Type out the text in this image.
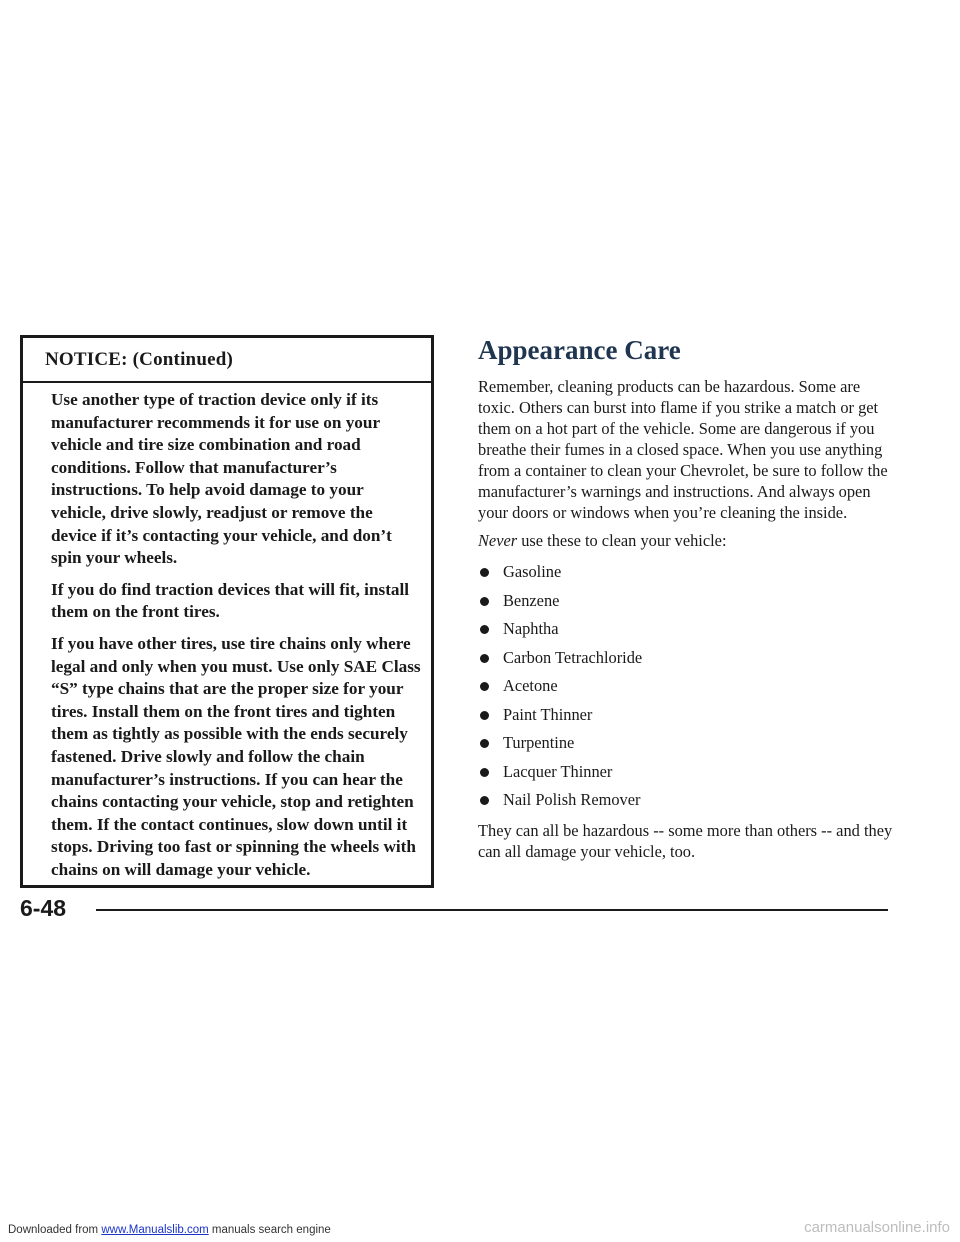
NOTICE: (Continued)

Use another type of traction device only if its manufacturer recommends it for use on your vehicle and tire size combination and road conditions. Follow that manufacturer’s instructions. To help avoid damage to your vehicle, drive slowly, readjust or remove the device if it’s contacting your vehicle, and don’t spin your wheels.

If you do find traction devices that will fit, install them on the front tires.

If you have other tires, use tire chains only where legal and only when you must. Use only SAE Class “S” type chains that are the proper size for your tires. Install them on the front tires and tighten them as tightly as possible with the ends securely fastened. Drive slowly and follow the chain manufacturer’s instructions. If you can hear the chains contacting your vehicle, stop and retighten them. If the contact continues, slow down until it stops. Driving too fast or spinning the wheels with chains on will damage your vehicle.

Appearance Care

Remember, cleaning products can be hazardous. Some are toxic. Others can burst into flame if you strike a match or get them on a hot part of the vehicle. Some are dangerous if you breathe their fumes in a closed space. When you use anything from a container to clean your Chevrolet, be sure to follow the manufacturer’s warnings and instructions. And always open your doors or windows when you’re cleaning the inside.

Never use these to clean your vehicle:

Gasoline
Benzene
Naphtha
Carbon Tetrachloride
Acetone
Paint Thinner
Turpentine
Lacquer Thinner
Nail Polish Remover

They can all be hazardous -- some more than others -- and they can all damage your vehicle, too.

6-48
Downloaded from www.Manualslib.com manuals search engine	carmanualsonline.info
